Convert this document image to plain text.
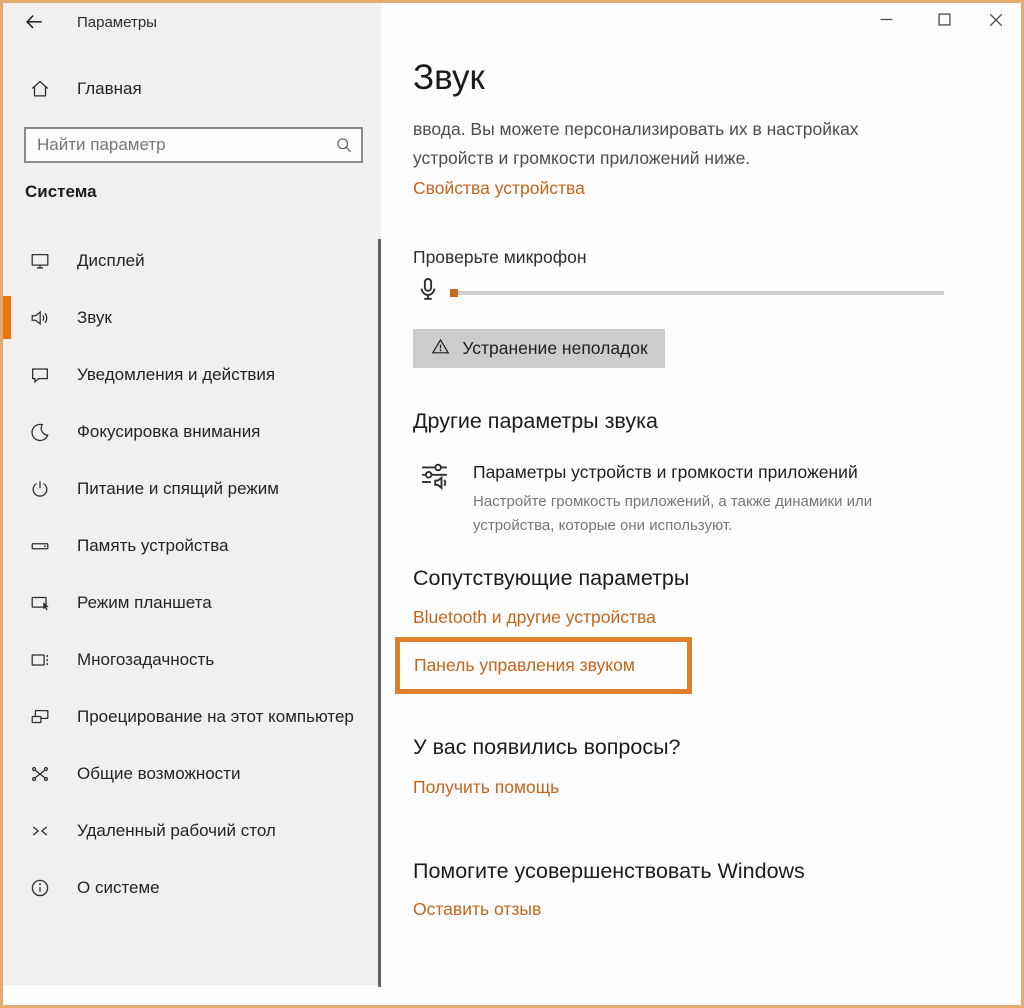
Параметры
Главная
Найти параметр
Система
Дисплей
Звук
Уведомления и действия
Фокусировка внимания
Питание и спящий режим
Память устройства
Режим планшета
Многозадачность
Проецирование на этот компьютер
Общие возможности
Удаленный рабочий стол
О системе
Звук
ввода. Вы можете персонализировать их в настройках
устройств и громкости приложений ниже.
Свойства устройства
Проверьте микрофон
Устранение неполадок
Другие параметры звука
Параметры устройств и громкости приложений
Настройте громкость приложений, а также динамики или
устройства, которые они используют.
Сопутствующие параметры
Bluetooth и другие устройства
Панель управления звуком
У вас появились вопросы?
Получить помощь
Помогите усовершенствовать Windows
Оставить отзыв
